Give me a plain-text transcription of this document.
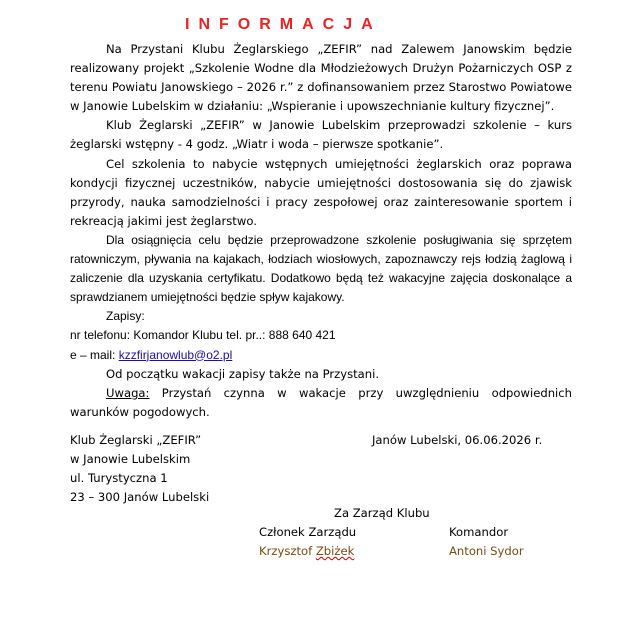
INFORMACJA

Na Przystani Klubu Żeglarskiego „ZEFIR” nad Zalewem Janowskim będzie realizowany projekt „Szkolenie Wodne dla Młodzieżowych Drużyn Pożarniczych OSP z terenu Powiatu Janowskiego – 2026 r.” z dofinansowaniem przez Starostwo Powiatowe w Janowie Lubelskim w działaniu: „Wspieranie i upowszechnianie kultury fizycznej”.

Klub Żeglarski „ZEFIR” w Janowie Lubelskim przeprowadzi szkolenie – kurs żeglarski wstępny - 4 godz. „Wiatr i woda – pierwsze spotkanie”.

Cel szkolenia to nabycie wstępnych umiejętności żeglarskich oraz poprawa kondycji fizycznej uczestników, nabycie umiejętności dostosowania się do zjawisk przyrody, nauka samodzielności i pracy zespołowej oraz zainteresowanie sportem i rekreacją jakimi jest żeglarstwo.

Dla osiągnięcia celu będzie przeprowadzone szkolenie posługiwania się sprzętem ratowniczym, pływania na kajakach, łodziach wiosłowych, zapoznawczy rejs łodzią żaglową i zaliczenie dla uzyskania certyfikatu. Dodatkowo będą też wakacyjne zajęcia doskonalące a sprawdzianem umiejętności będzie spływ kajakowy.

Zapisy:

nr telefonu: Komandor Klubu tel. pr..: 888 640 421

e – mail: kzzfirjanowlub@o2.pl

Od początku wakacji zapisy także na Przystani.

Uwaga: Przystań czynna w wakacje przy uwzględnieniu odpowiednich warunków pogodowych.

Klub Żeglarski „ZEFIR”
w Janowie Lubelskim
ul. Turystyczna 1
23 – 300 Janów Lubelski
Janów Lubelski, 06.06.2026 r.
Za Zarząd Klubu
Członek Zarządu
Krzysztof Zbiżek
Komandor
Antoni Sydor
